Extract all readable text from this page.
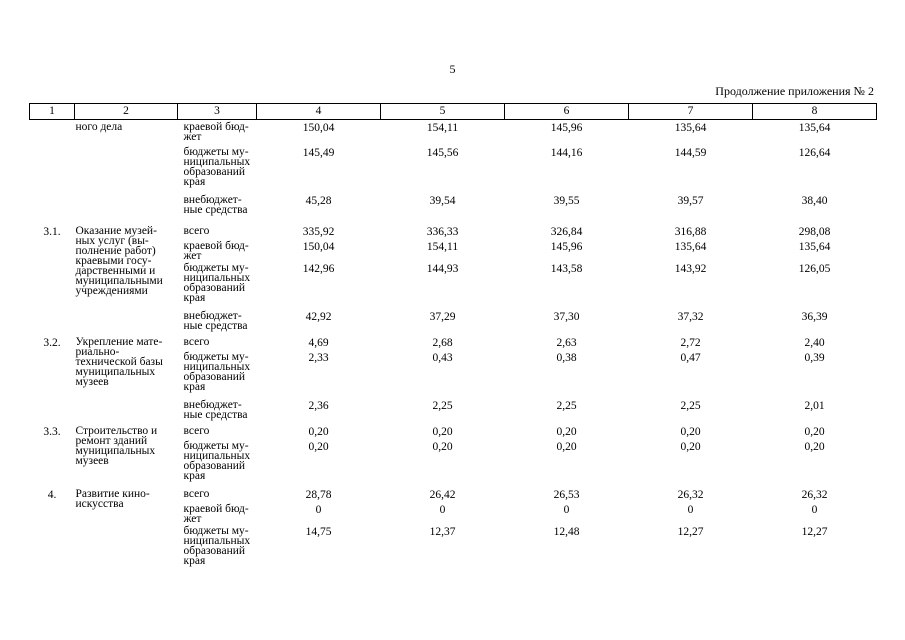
5
Продолжение приложения № 2
1	2	3	4	5	6	7	8
	ного дела	краевой бюд-жет	150,04	154,11	145,96	135,64	135,64
		бюджеты му-ниципальных образований края	145,49	145,56	144,16	144,59	126,64
		внебюджет-ные средства	45,28	39,54	39,55	39,57	38,40
3.1.	Оказание музей-ных услуг (вы-полнение работ) краевыми госу-дарственными и муниципальными учреждениями	всего	335,92	336,33	326,84	316,88	298,08
		краевой бюд-жет	150,04	154,11	145,96	135,64	135,64
		бюджеты му-ниципальных образований края	142,96	144,93	143,58	143,92	126,05
		внебюджет-ные средства	42,92	37,29	37,30	37,32	36,39
3.2.	Укрепление мате-риально-технической базы муниципальных музеев	всего	4,69	2,68	2,63	2,72	2,40
		бюджеты му-ниципальных образований края	2,33	0,43	0,38	0,47	0,39
		внебюджет-ные средства	2,36	2,25	2,25	2,25	2,01
3.3.	Строительство и ремонт зданий муниципальных музеев	всего	0,20	0,20	0,20	0,20	0,20
		бюджеты му-ниципальных образований края	0,20	0,20	0,20	0,20	0,20
4.	Развитие кино-искусства	всего	28,78	26,42	26,53	26,32	26,32
		краевой бюд-жет	0	0	0	0	0
		бюджеты му-ниципальных образований края	14,75	12,37	12,48	12,27	12,27
